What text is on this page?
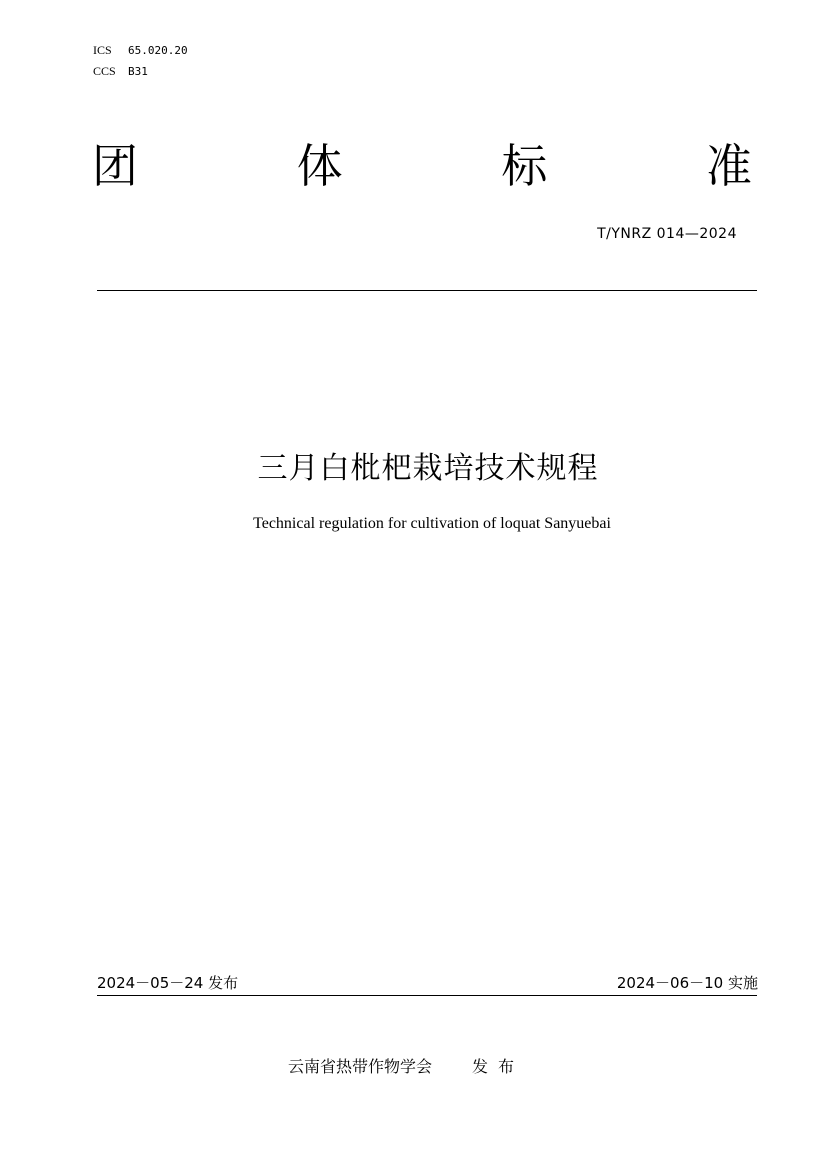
ICS 65.020.20
CCS B31
团	体	标	准
T/YNRZ 014—2024
三月白枇杷栽培技术规程
Technical regulation for cultivation of loquat Sanyuebai
2024－05－24 发布	2024－06－10 实施
云南省热带作物学会	发布
